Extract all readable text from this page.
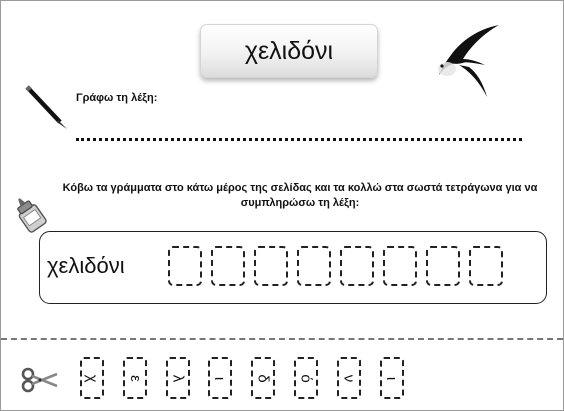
χελιδόνι
Γράφω τη λέξη:
Κόβω τα γράμματα στο κάτω μέρος της σελίδας και τα κολλώ στα σωστά τετράγωνα για να
συμπληρώσω τη λέξη:
χελιδόνι
χ ε λ ι δ ό ν ι
